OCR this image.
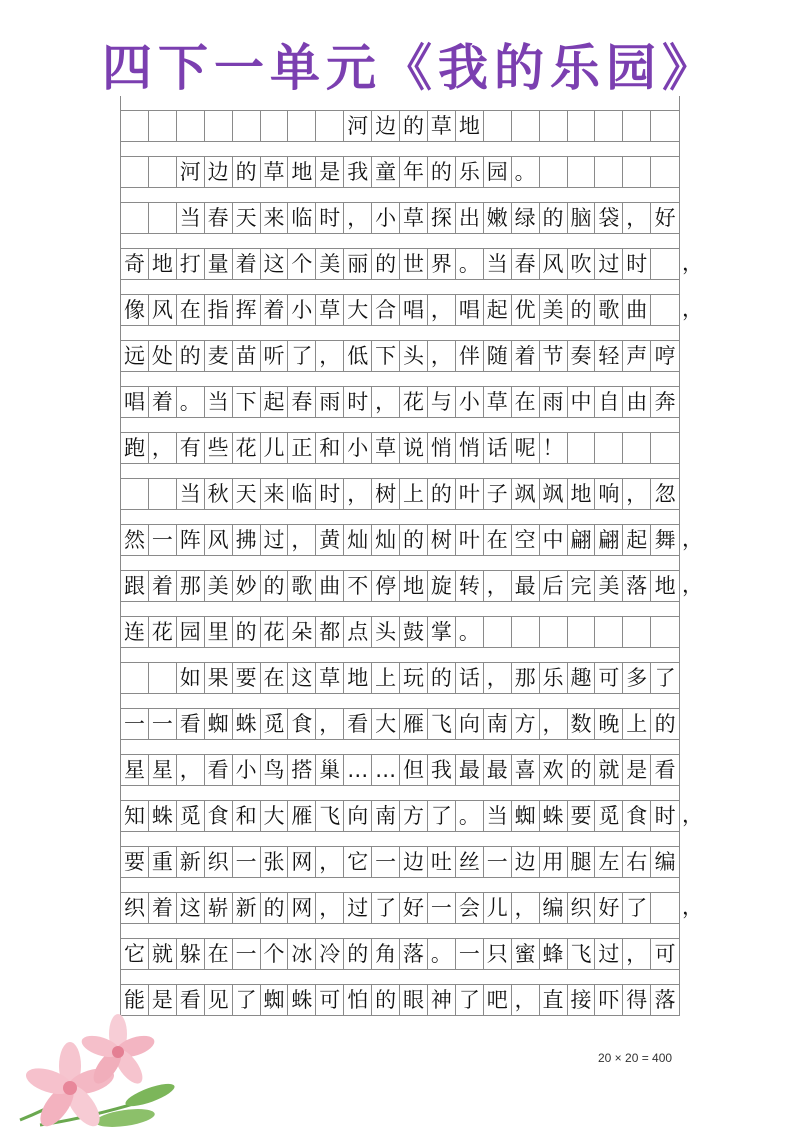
四下一单元《我的乐园》
河 边 的 草 地
河 边 的 草 地 是 我 童 年 的 乐 园 。
当 春 天 来 临 时 ， 小 草 探 出 嫩 绿 的 脑 袋 ， 好
奇 地 打 量 着 这 个 美 丽 的 世 界 。 当 春 风 吹 过 时
像 风 在 指 挥 着 小 草 大 合 唱 ， 唱 起 优 美 的 歌 曲
远 处 的 麦 苗 听 了 ， 低 下 头 ， 伴 随 着 节 奏 轻 声 哼
唱 着 。 当 下 起 春 雨 时 ， 花 与 小 草 在 雨 中 自 由 奔
跑 ， 有 些 花 儿 正 和 小 草 说 悄 悄 话 呢 ！
当 秋 天 来 临 时 ， 树 上 的 叶 子 飒 飒 地 响 ， 忽
然 一 阵 风 拂 过 ， 黄 灿 灿 的 树 叶 在 空 中 翩 翩 起 舞
跟 着 那 美 妙 的 歌 曲 不 停 地 旋 转 ， 最 后 完 美 落 地
连 花 园 里 的 花 朵 都 点 头 鼓 掌 。
如 果 要 在 这 草 地 上 玩 的 话 ， 那 乐 趣 可 多 了
一 一 看 蜘 蛛 觅 食 ， 看 大 雁 飞 向 南 方 ， 数 晚 上 的
星 星 ， 看 小 鸟 搭 巢 … … 但 我 最 最 喜 欢 的 就 是 看
知 蛛 觅 食 和 大 雁 飞 向 南 方 了 。 当 蜘 蛛 要 觅 食 时
要 重 新 织 一 张 网 ， 它 一 边 吐 丝 一 边 用 腿 左 右 编
织 着 这 崭 新 的 网 ， 过 了 好 一 会 儿 ， 编 织 好 了
它 就 躲 在 一 个 冰 冷 的 角 落 。 一 只 蜜 蜂 飞 过 ， 可
能 是 看 见 了 蜘 蛛 可 怕 的 眼 神 了 吧 ， 直 接 吓 得 落
20 × 20 = 400
，
，
，
，
，
，
